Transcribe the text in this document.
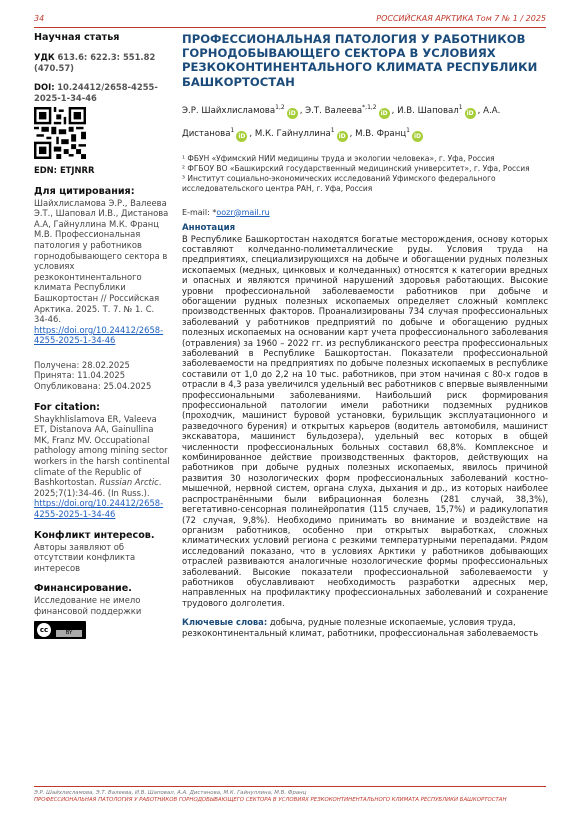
34	РОССИЙСКАЯ АРКТИКА Том 7 № 1 / 2025
Научная статья
УДК 613.6: 622.3: 551.82 (470.57)
DOI: 10.24412/2658-4255-2025-1-34-46
EDN: ETJNRR
Для цитирования:
Шайхлисламова Э.Р., Валеева Э.Т., Шаповал И.В., Дистанова А.А, Гайнуллина М.К. Франц М.В. Профессиональная патология у работников горнодобывающего сектора в условиях резкоконтинентального климата Республики Башкортостан // Российская Арктика. 2025. Т. 7. № 1. С. 34-46.
https://doi.org/10.24412/2658-4255-2025-1-34-46
Получена: 28.02.2025
Принята: 11.04.2025
Опубликована: 25.04.2025
For citation:
Shaykhlislamova ER, Valeeva ET, Distanova AA, Gainullina MK, Franz MV. Occupational pathology among mining sector workers in the harsh continental climate of the Republic of Bashkortostan. Russian Arctic. 2025;7(1):34-46. (In Russ.).
https://doi.org/10.24412/2658-4255-2025-1-34-46
Конфликт интересов.
Авторы заявляют об отсутствии конфликта интересов
Финансирование.
Исследование не имело финансовой поддержки
cc	BY
ПРОФЕССИОНАЛЬНАЯ ПАТОЛОГИЯ У РАБОТНИКОВ ГОРНОДОБЫВАЮЩЕГО СЕКТОРА В УСЛОВИЯХ РЕЗКОКОНТИНЕНТАЛЬНОГО КЛИМАТА РЕСПУБЛИКИ БАШКОРТОСТАН
Э.Р. Шайхлисламова$^{1,2}$iD , Э.Т. Валеева$^{*,1,2}$iD , И.В. Шаповал$^1$iD , А.А. Дистанова$^1$iD , М.К. Гайнуллина$^1$iD , М.В. Франц$^1$iD
¹ ФБУН «Уфимский НИИ медицины труда и экологии человека», г. Уфа, Россия
² ФГБОУ ВО «Башкирский государственный медицинский университет», г. Уфа, Россия
³ Институт социально-экономических исследований Уфимского федерального исследовательского центра РАН, г. Уфа, Россия
E-mail: *oozr@mail.ru
Аннотация
В Республике Башкортостан находятся богатые месторождения, основу которых составляют колчеданно-полиметаллические руды. Условия труда на предприятиях, специализирующихся на добыче и обогащении рудных полезных ископаемых (медных, цинковых и колчеданных) относятся к категории вредных и опасных и являются причиной нарушений здоровья работающих. Высокие уровни профессиональной заболеваемости работников при добыче и обогащении рудных полезных ископаемых определяет сложный комплекс производственных факторов. Проанализированы 734 случая профессиональных заболеваний у работников предприятий по добыче и обогащению рудных полезных ископаемых на основании карт учета профессионального заболевания (отравления) за 1960 – 2022 гг. из республиканского реестра профессиональных заболеваний в Республике Башкортостан. Показатели профессиональной заболеваемости на предприятиях по добыче полезных ископаемых в республике составили от 1,0 до 2,2 на 10 тыс. работников, при этом начиная с 80-х годов в отрасли в 4,3 раза увеличился удельный вес работников с впервые выявленными профессиональными заболеваниями. Наибольший риск формирования профессиональной патологии имели работники подземных рудников (проходчик, машинист буровой установки, бурильщик эксплуатационного и разведочного бурения) и открытых карьеров (водитель автомобиля, машинист экскаватора, машинист бульдозера), удельный вес которых в общей численности профессиональных больных составил 68,8%. Комплексное и комбинированное действие производственных факторов, действующих на работников при добыче рудных полезных ископаемых, явилось причиной развития 30 нозологических форм профессиональных заболеваний костно-мышечной, нервной систем, органа слуха, дыхания и др., из которых наиболее распространёнными были вибрационная болезнь (281 случай, 38,3%), вегетативно-сенсорная полинейропатия (115 случаев, 15,7%) и радикулопатия (72 случая, 9,8%). Необходимо принимать во внимание и воздействие на организм работников, особенно при открытых выработках, сложных климатических условий региона с резкими температурными перепадами. Рядом исследований показано, что в условиях Арктики у работников добывающих отраслей развиваются аналогичные нозологические формы профессиональных заболеваний. Высокие показатели профессиональной заболеваемости у работников обуславливают необходимость разработки адресных мер, направленных на профилактику профессиональных заболеваний и сохранение трудового долголетия.
Ключевые слова: добыча, рудные полезные ископаемые, условия труда, резкоконтинентальный климат, работники, профессиональная заболеваемость
Э.Р. Шайхлисламова, Э.Т. Валеева, И.В. Шаповал, А.А. Дистанова, М.К. Гайнуллина, М.В. Франц
ПРОФЕССИОНАЛЬНАЯ ПАТОЛОГИЯ У РАБОТНИКОВ ГОРНОДОБЫВАЮЩЕГО СЕКТОРА В УСЛОВИЯХ РЕЗКОКОНТИНЕНТАЛЬНОГО КЛИМАТА РЕСПУБЛИКИ БАШКОРТОСТАН
